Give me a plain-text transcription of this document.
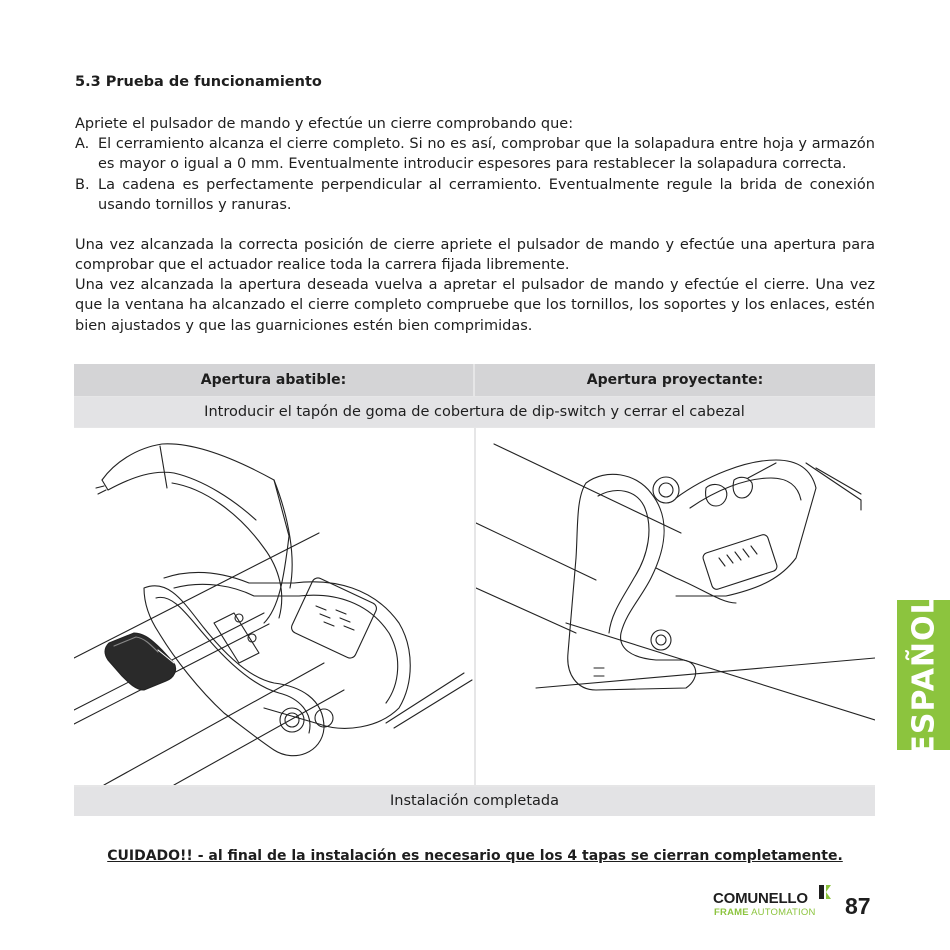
5.3 Prueba de funcionamiento

Apriete el pulsador de mando y efectúe un cierre comprobando que:

A. El cerramiento alcanza el cierre completo. Si no es así, comprobar que la solapadura entre hoja y armazón es mayor o igual a 0 mm. Eventualmente introducir espesores para restablecer la solapadura correcta.
B. La cadena es perfectamente perpendicular al cerramiento. Eventualmente regule la brida de conexión usando tornillos y ranuras.

Una vez alcanzada la correcta posición de cierre apriete el pulsador de mando y efectúe una apertura para comprobar que el actuador realice toda la carrera fijada libremente.

Una vez alcanzada la apertura deseada vuelva a apretar el pulsador de mando y efectúe el cierre. Una vez que la ventana ha alcanzado el cierre completo compruebe que los tornillos, los soportes y los enlaces, estén bien ajustados y que las guarniciones estén bien comprimidas.

Apertura abatible:	Apertura proyectante:
Introducir el tapón de goma de cobertura de dip-switch y cerrar el cabezal
Instalación completada
CUIDADO!! - al final de la instalación es necesario que los 4 tapas se cierran completamente.
ESPAÑOL
COMUNELLO
FRAME AUTOMATION 87
